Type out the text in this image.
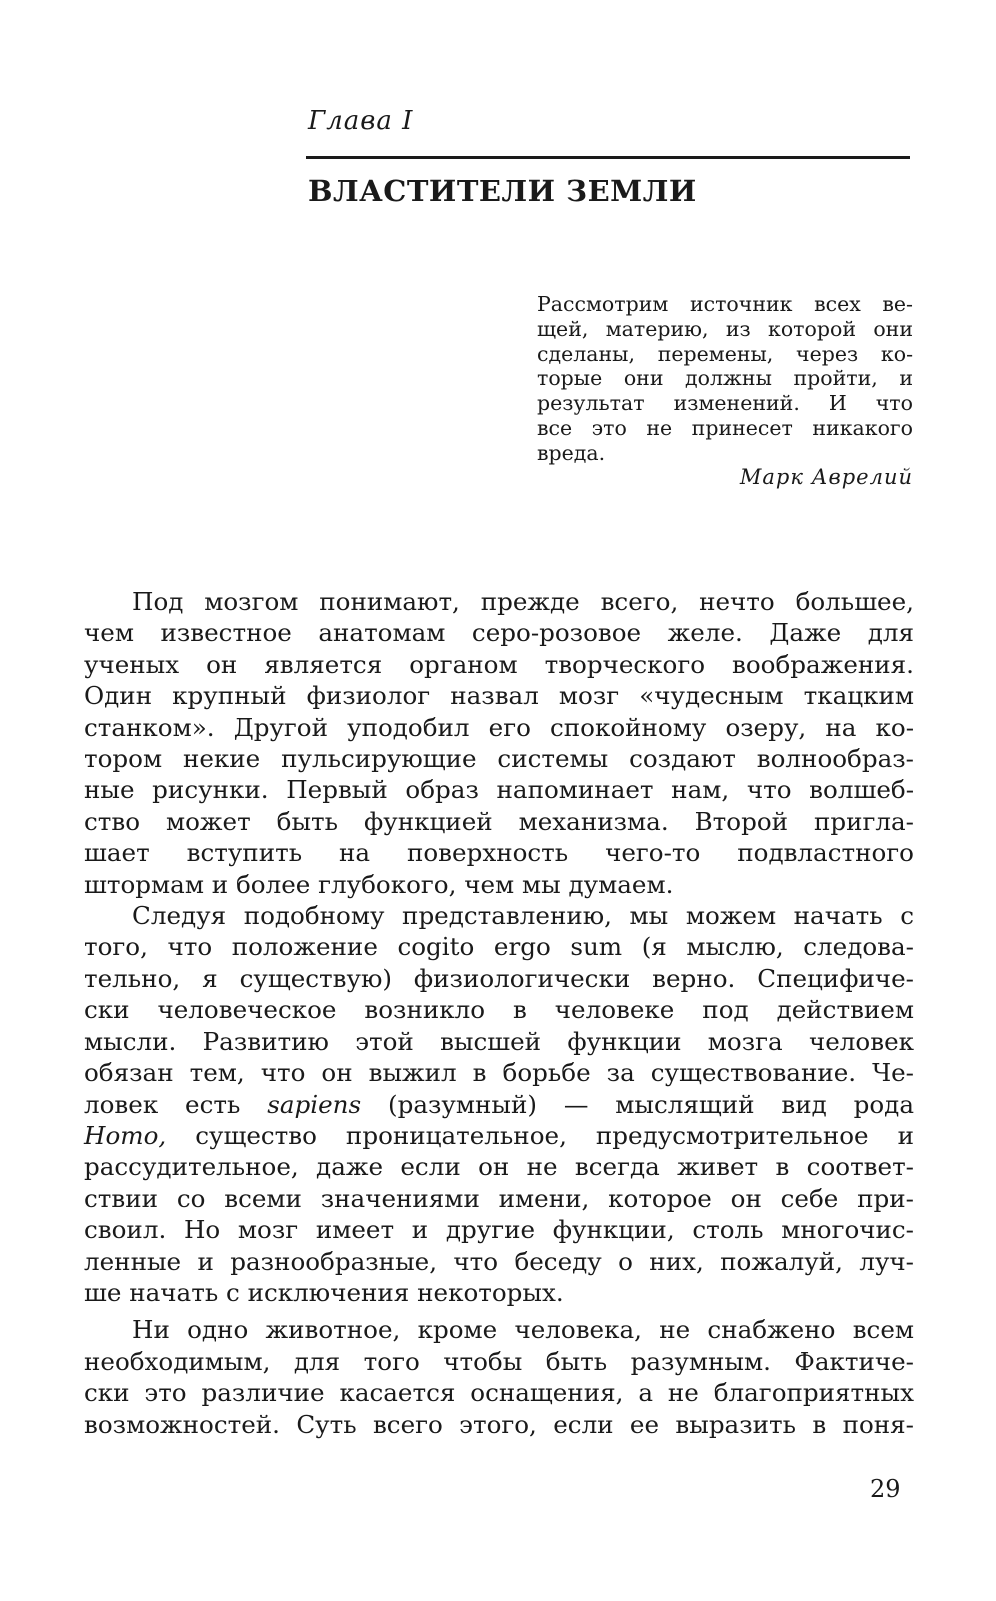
Глава I
ВЛАСТИТЕЛИ ЗЕМЛИ
Рассмотрим источник всех ве-
щей, материю, из которой они
сделаны, перемены, через ко-
торые они должны пройти, и
результат изменений. И что
все это не принесет никакого
вреда.
Марк Аврелий
Под мозгом понимают, прежде всего, нечто большее,
чем известное анатомам серо-розовое желе. Даже для
ученых он является органом творческого воображения.
Один крупный физиолог назвал мозг «чудесным ткацким
станком». Другой уподобил его спокойному озеру, на ко-
тором некие пульсирующие системы создают волнообраз-
ные рисунки. Первый образ напоминает нам, что волшеб-
ство может быть функцией механизма. Второй пригла-
шает вступить на поверхность чего-то подвластного
штормам и более глубокого, чем мы думаем.
Следуя подобному представлению, мы можем начать с
того, что положение cogito ergo sum (я мыслю, следова-
тельно, я существую) физиологически верно. Специфиче-
ски человеческое возникло в человеке под действием
мысли. Развитию этой высшей функции мозга человек
обязан тем, что он выжил в борьбе за существование. Че-
ловек есть sapiens (разумный) — мыслящий вид рода
Homo, существо проницательное, предусмотрительное и
рассудительное, даже если он не всегда живет в соответ-
ствии со всеми значениями имени, которое он себе при-
своил. Но мозг имеет и другие функции, столь многочис-
ленные и разнообразные, что беседу о них, пожалуй, луч-
ше начать с исключения некоторых.
Ни одно животное, кроме человека, не снабжено всем
необходимым, для того чтобы быть разумным. Фактиче-
ски это различие касается оснащения, а не благоприятных
возможностей. Суть всего этого, если ее выразить в поня-
29
